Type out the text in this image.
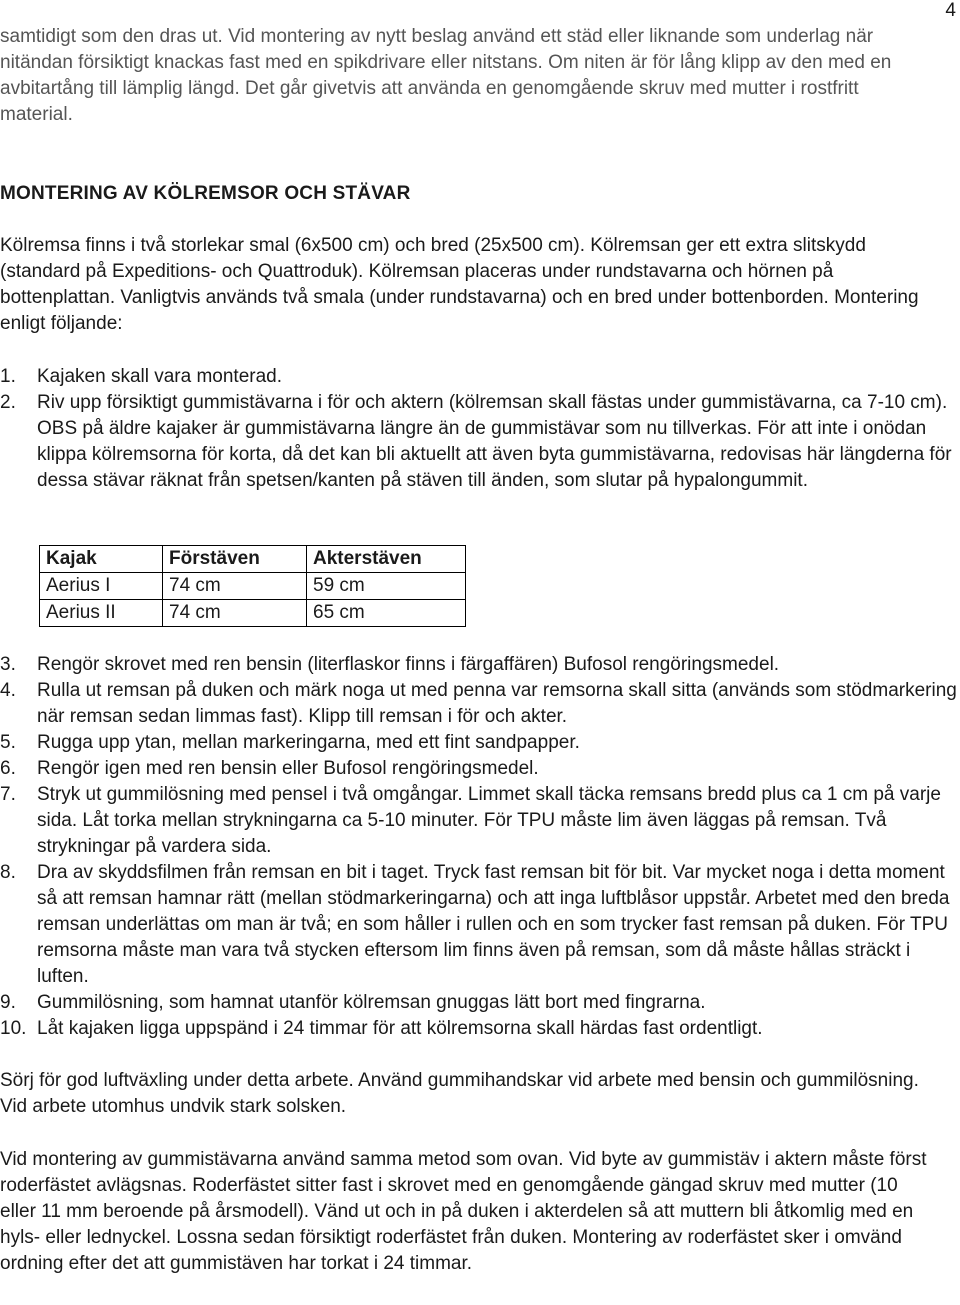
4
samtidigt som den dras ut. Vid montering av nytt beslag använd ett städ eller liknande som underlag när nitändan försiktigt knackas fast med en spikdrivare eller nitstans. Om niten är för lång klipp av den med en avbitartång till lämplig längd. Det går givetvis att använda en genomgående skruv med mutter i rostfritt material.
MONTERING AV KÖLREMSOR OCH STÄVAR
Kölremsa finns i två storlekar smal (6x500 cm) och bred (25x500 cm). Kölremsan ger ett extra slitskydd (standard på Expeditions- och Quattroduk). Kölremsan placeras under rundstavarna och hörnen på bottenplattan. Vanligtvis används två smala (under rundstavarna) och en bred under bottenborden. Montering enligt följande:
1.	Kajaken skall vara monterad.
2.	Riv upp försiktigt gummistävarna i för och aktern (kölremsan skall fästas under gummistävarna, ca 7-10 cm). OBS på äldre kajaker är gummistävarna längre än de gummistävar som nu tillverkas. För att inte i onödan klippa kölremsorna för korta, då det kan bli aktuellt att även byta gummistävarna, redovisas här längderna för dessa stävar räknat från spetsen/kanten på stäven till änden, som slutar på hypalongummit.
Kajak	Förstäven	Akterstäven
Aerius I	74 cm	59 cm
Aerius II	74 cm	65 cm
3.	Rengör skrovet med ren bensin (literflaskor finns i färgaffären) Bufosol rengöringsmedel.
4.	Rulla ut remsan på duken och märk noga ut med penna var remsorna skall sitta (används som stödmarkering när remsan sedan limmas fast). Klipp till remsan i för och akter.
5.	Rugga upp ytan, mellan markeringarna, med ett fint sandpapper.
6.	Rengör igen med ren bensin eller Bufosol rengöringsmedel.
7.	Stryk ut gummilösning med pensel i två omgångar. Limmet skall täcka remsans bredd plus ca 1 cm på varje sida. Låt torka mellan strykningarna ca 5-10 minuter. För TPU måste lim även läggas på remsan. Två strykningar på vardera sida.
8.	Dra av skyddsfilmen från remsan en bit i taget. Tryck fast remsan bit för bit. Var mycket noga i detta moment så att remsan hamnar rätt (mellan stödmarkeringarna) och att inga luftblåsor uppstår. Arbetet med den breda remsan underlättas om man är två; en som håller i rullen och en som trycker fast remsan på duken. För TPU remsorna måste man vara två stycken eftersom lim finns även på remsan, som då måste hållas sträckt i luften.
9.	Gummilösning, som hamnat utanför kölremsan gnuggas lätt bort med fingrarna.
10. Låt kajaken ligga uppspänd i 24 timmar för att kölremsorna skall härdas fast ordentligt.
Sörj för god luftväxling under detta arbete. Använd gummihandskar vid arbete med bensin och gummilösning. Vid arbete utomhus undvik stark solsken.
Vid montering av gummistävarna använd samma metod som ovan. Vid byte av gummistäv i aktern måste först roderfästet avlägsnas. Roderfästet sitter fast i skrovet med en genomgående gängad skruv med mutter (10 eller 11 mm beroende på årsmodell). Vänd ut och in på duken i akterdelen så att muttern bli åtkomlig med en hyls- eller lednyckel. Lossna sedan försiktigt roderfästet från duken. Montering av roderfästet sker i omvänd ordning efter det att gummistäven har torkat i 24 timmar.
